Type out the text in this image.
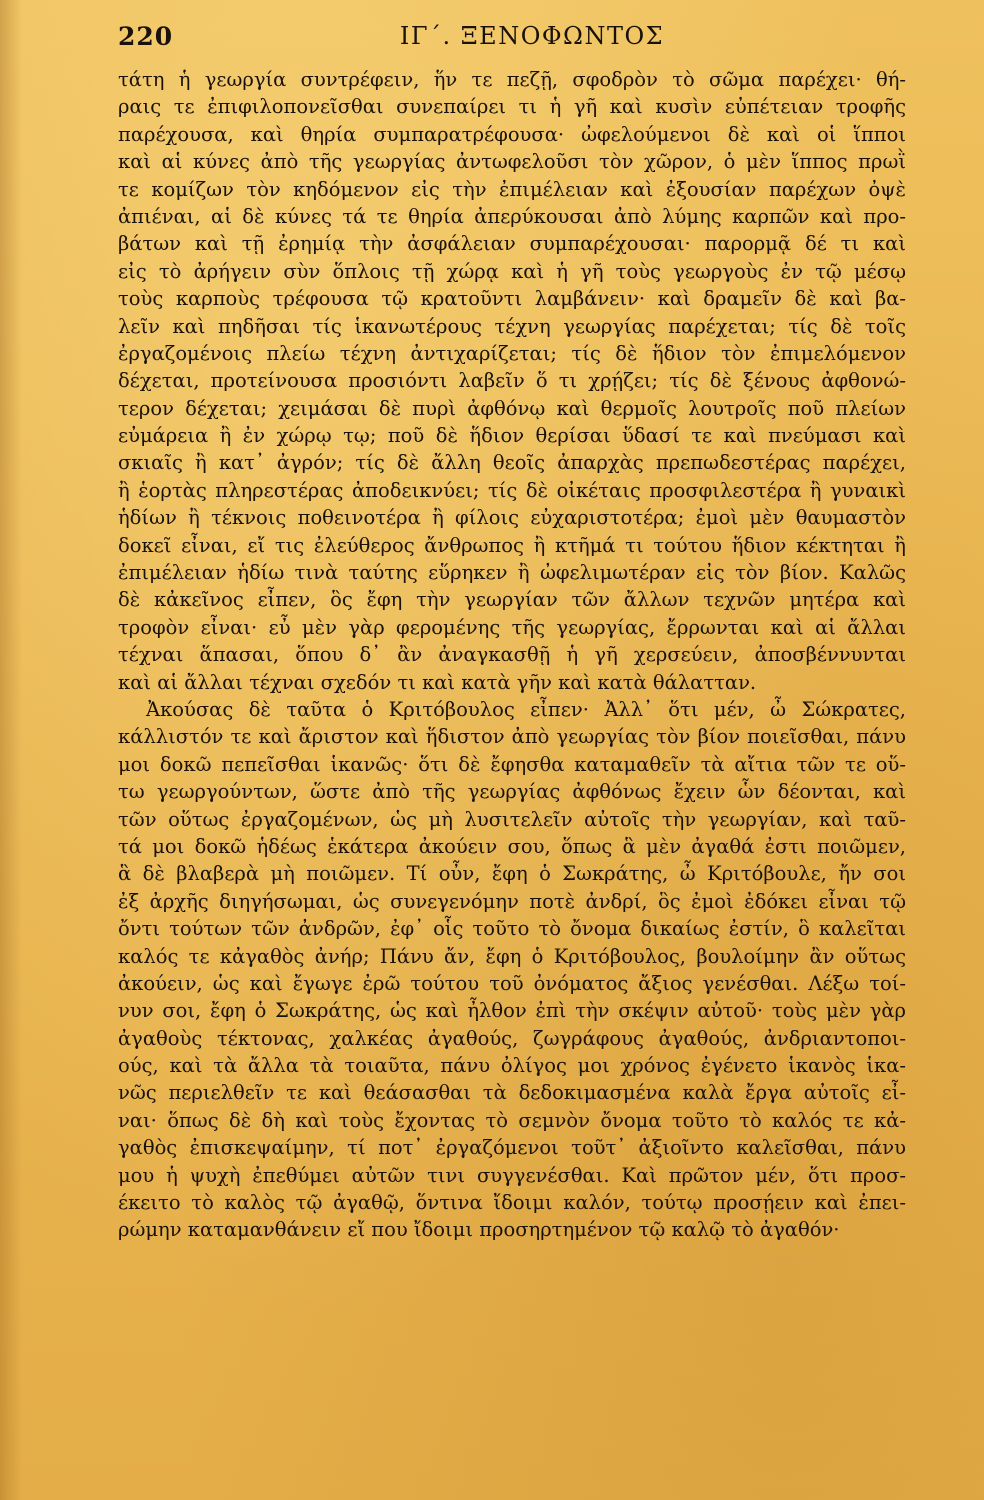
220	ΙΓ΄. ΞΕΝΟΦΩΝΤΟΣ
τάτη ἡ γεωργία συντρέφειν, ἥν τε πεζῇ, σφοδρὸν τὸ σῶμα παρέχει· θή-
ραις τε ἐπιφιλοπονεῖσθαι συνεπαίρει τι ἡ γῆ καὶ κυσὶν εὐπέτειαν τροφῆς
παρέχουσα, καὶ θηρία συμπαρατρέφουσα· ὠφελούμενοι δὲ καὶ οἱ ἵπποι
καὶ αἱ κύνες ἀπὸ τῆς γεωργίας ἀντωφελοῦσι τὸν χῶρον, ὁ μὲν ἵππος πρωῒ
τε κομίζων τὸν κηδόμενον εἰς τὴν ἐπιμέλειαν καὶ ἐξουσίαν παρέχων ὀψὲ
ἀπιέναι, αἱ δὲ κύνες τά τε θηρία ἀπερύκουσαι ἀπὸ λύμης καρπῶν καὶ προ-
βάτων καὶ τῇ ἐρημίᾳ τὴν ἀσφάλειαν συμπαρέχουσαι· παρορμᾷ δέ τι καὶ
εἰς τὸ ἀρήγειν σὺν ὅπλοις τῇ χώρᾳ καὶ ἡ γῆ τοὺς γεωργοὺς ἐν τῷ μέσῳ
τοὺς καρποὺς τρέφουσα τῷ κρατοῦντι λαμβάνειν· καὶ δραμεῖν δὲ καὶ βα-
λεῖν καὶ πηδῆσαι τίς ἱκανωτέρους τέχνη γεωργίας παρέχεται; τίς δὲ τοῖς
ἐργαζομένοις πλείω τέχνη ἀντιχαρίζεται; τίς δὲ ἥδιον τὸν ἐπιμελόμενον
δέχεται, προτείνουσα προσιόντι λαβεῖν ὅ τι χρῄζει; τίς δὲ ξένους ἀφθονώ-
τερον δέχεται; χειμάσαι δὲ πυρὶ ἀφθόνῳ καὶ θερμοῖς λουτροῖς ποῦ πλείων
εὐμάρεια ἢ ἐν χώρῳ τῳ; ποῦ δὲ ἥδιον θερίσαι ὕδασί τε καὶ πνεύμασι καὶ
σκιαῖς ἢ κατ᾽ ἀγρόν; τίς δὲ ἄλλη θεοῖς ἀπαρχὰς πρεπωδεστέρας παρέχει,
ἢ ἑορτὰς πληρεστέρας ἀποδεικνύει; τίς δὲ οἰκέταις προσφιλεστέρα ἢ γυναικὶ
ἡδίων ἢ τέκνοις ποθεινοτέρα ἢ φίλοις εὐχαριστοτέρα; ἐμοὶ μὲν θαυμαστὸν
δοκεῖ εἶναι, εἴ τις ἐλεύθερος ἄνθρωπος ἢ κτῆμά τι τούτου ἥδιον κέκτηται ἢ
ἐπιμέλειαν ἡδίω τινὰ ταύτης εὕρηκεν ἢ ὠφελιμωτέραν εἰς τὸν βίον. Καλῶς
δὲ κἀκεῖνος εἶπεν, ὃς ἔφη τὴν γεωργίαν τῶν ἄλλων τεχνῶν μητέρα καὶ
τροφὸν εἶναι· εὖ μὲν γὰρ φερομένης τῆς γεωργίας, ἔρρωνται καὶ αἱ ἄλλαι
τέχναι ἅπασαι, ὅπου δ᾽ ἂν ἀναγκασθῇ ἡ γῆ χερσεύειν, ἀποσβέννυνται
καὶ αἱ ἄλλαι τέχναι σχεδόν τι καὶ κατὰ γῆν καὶ κατὰ θάλατταν.
Ἀκούσας δὲ ταῦτα ὁ Κριτόβουλος εἶπεν· Ἀλλ᾽ ὅτι μέν, ὦ Σώκρατες,
κάλλιστόν τε καὶ ἄριστον καὶ ἥδιστον ἀπὸ γεωργίας τὸν βίον ποιεῖσθαι, πάνυ
μοι δοκῶ πεπεῖσθαι ἱκανῶς· ὅτι δὲ ἔφησθα καταμαθεῖν τὰ αἴτια τῶν τε οὕ-
τω γεωργούντων, ὥστε ἀπὸ τῆς γεωργίας ἀφθόνως ἔχειν ὧν δέονται, καὶ
τῶν οὕτως ἐργαζομένων, ὡς μὴ λυσιτελεῖν αὐτοῖς τὴν γεωργίαν, καὶ ταῦ-
τά μοι δοκῶ ἡδέως ἑκάτερα ἀκούειν σου, ὅπως ἃ μὲν ἀγαθά ἐστι ποιῶμεν,
ἃ δὲ βλαβερὰ μὴ ποιῶμεν. Τί οὖν, ἔφη ὁ Σωκράτης, ὦ Κριτόβουλε, ἤν σοι
ἐξ ἀρχῆς διηγήσωμαι, ὡς συνεγενόμην ποτὲ ἀνδρί, ὃς ἐμοὶ ἐδόκει εἶναι τῷ
ὄντι τούτων τῶν ἀνδρῶν, ἐφ᾽ οἷς τοῦτο τὸ ὄνομα δικαίως ἐστίν, ὃ καλεῖται
καλός τε κἀγαθὸς ἀνήρ; Πάνυ ἄν, ἔφη ὁ Κριτόβουλος, βουλοίμην ἂν οὕτως
ἀκούειν, ὡς καὶ ἔγωγε ἐρῶ τούτου τοῦ ὀνόματος ἄξιος γενέσθαι. Λέξω τοί-
νυν σοι, ἔφη ὁ Σωκράτης, ὡς καὶ ἦλθον ἐπὶ τὴν σκέψιν αὐτοῦ· τοὺς μὲν γὰρ
ἀγαθοὺς τέκτονας, χαλκέας ἀγαθούς, ζωγράφους ἀγαθούς, ἀνδριαντοποι-
ούς, καὶ τὰ ἄλλα τὰ τοιαῦτα, πάνυ ὀλίγος μοι χρόνος ἐγένετο ἱκανὸς ἱκα-
νῶς περιελθεῖν τε καὶ θεάσασθαι τὰ δεδοκιμασμένα καλὰ ἔργα αὐτοῖς εἶ-
ναι· ὅπως δὲ δὴ καὶ τοὺς ἔχοντας τὸ σεμνὸν ὄνομα τοῦτο τὸ καλός τε κἀ-
γαθὸς ἐπισκεψαίμην, τί ποτ᾽ ἐργαζόμενοι τοῦτ᾽ ἀξιοῖντο καλεῖσθαι, πάνυ
μου ἡ ψυχὴ ἐπεθύμει αὐτῶν τινι συγγενέσθαι. Καὶ πρῶτον μέν, ὅτι προσ-
έκειτο τὸ καλὸς τῷ ἀγαθῷ, ὅντινα ἴδοιμι καλόν, τούτῳ προσῄειν καὶ ἐπει-
ρώμην καταμανθάνειν εἴ που ἴδοιμι προσηρτημένον τῷ καλῷ τὸ ἀγαθόν·
